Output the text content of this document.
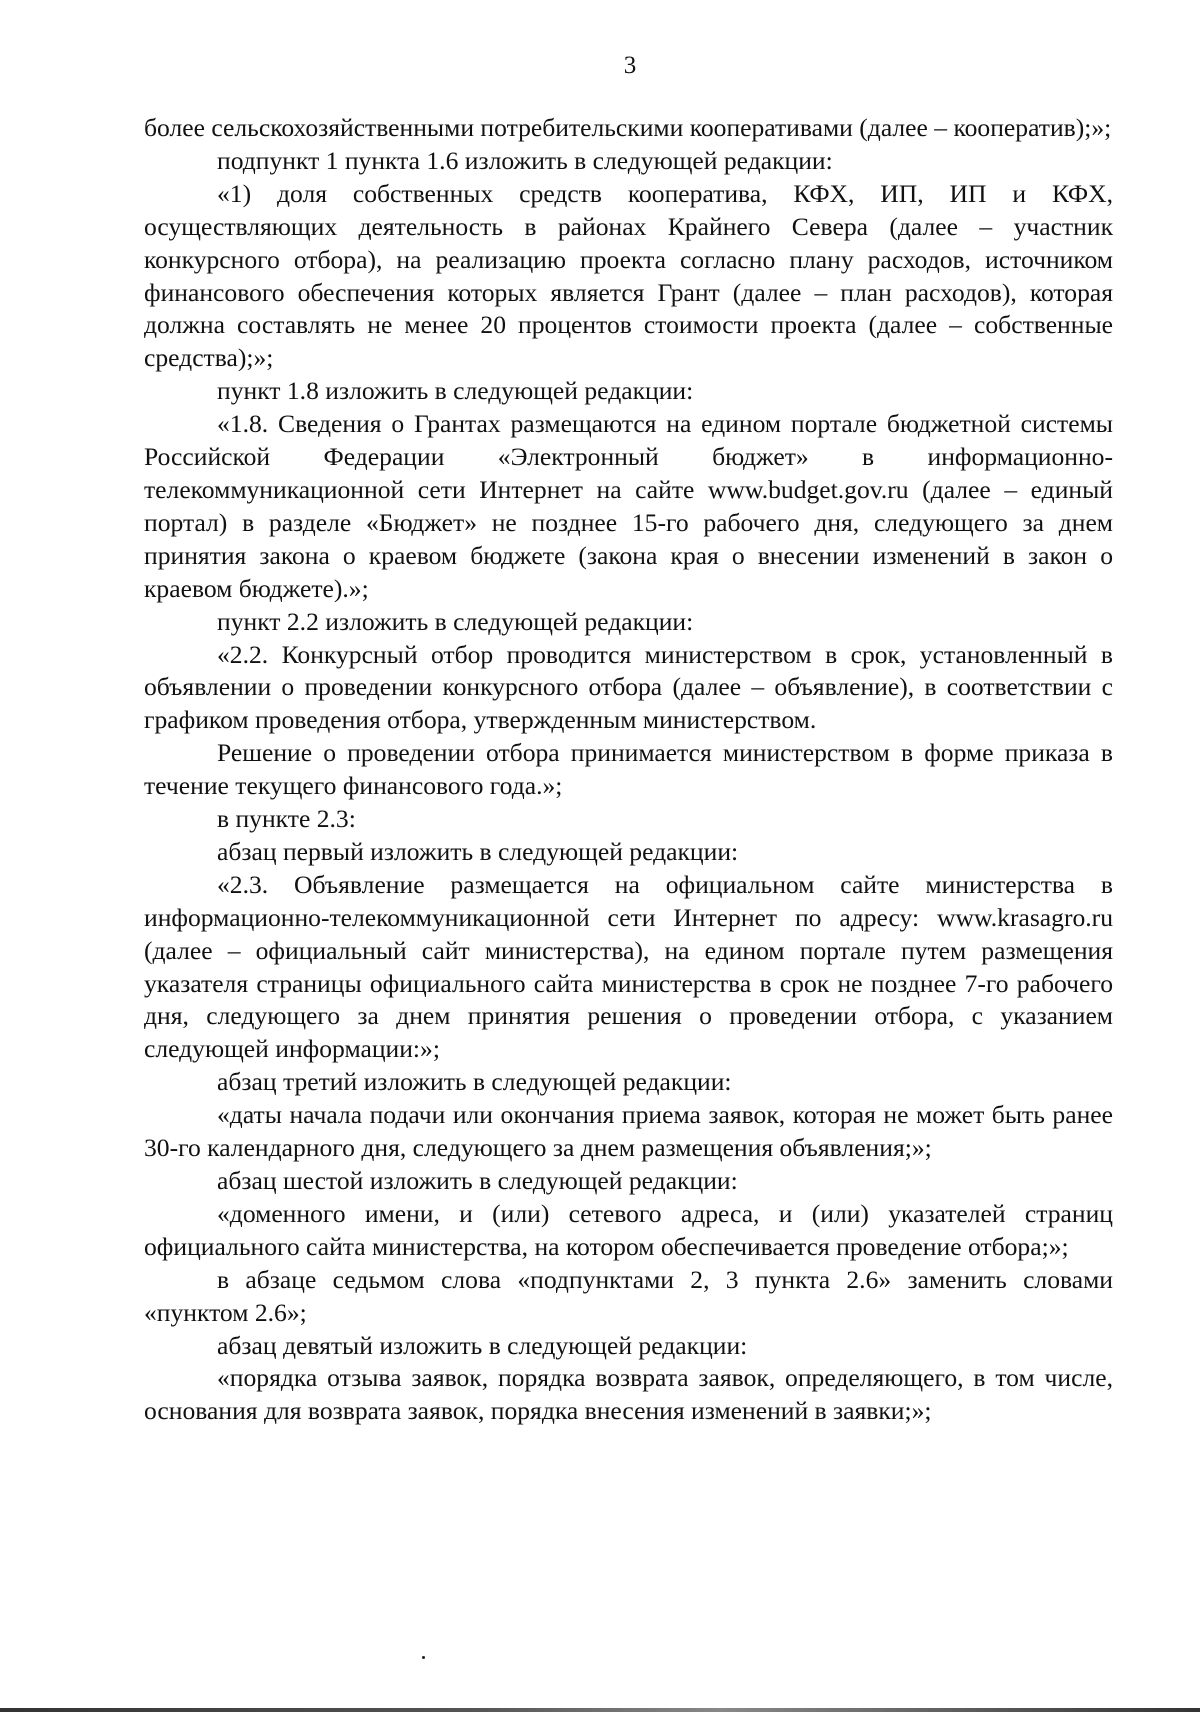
3

более сельскохозяйственными потребительскими кооперативами (далее – кооператив);»;

подпункт 1 пункта 1.6 изложить в следующей редакции:

«1) доля собственных средств кооператива, КФХ, ИП, ИП и КФХ, осуществляющих деятельность в районах Крайнего Севера (далее – участник конкурсного отбора), на реализацию проекта согласно плану расходов, источником финансового обеспечения которых является Грант (далее – план расходов), которая должна составлять не менее 20 процентов стоимости проекта (далее – собственные средства);»;

пункт 1.8 изложить в следующей редакции:

«1.8. Сведения о Грантах размещаются на едином портале бюджетной системы Российской Федерации «Электронный бюджет» в информационно-телекоммуникационной сети Интернет на сайте www.budget.gov.ru (далее – единый портал) в разделе «Бюджет» не позднее 15-го рабочего дня, следующего за днем принятия закона о краевом бюджете (закона края о внесении изменений в закон о краевом бюджете).»;

пункт 2.2 изложить в следующей редакции:

«2.2. Конкурсный отбор проводится министерством в срок, установленный в объявлении о проведении конкурсного отбора (далее – объявление), в соответствии с графиком проведения отбора, утвержденным министерством.

Решение о проведении отбора принимается министерством в форме приказа в течение текущего финансового года.»;

в пункте 2.3:

абзац первый изложить в следующей редакции:

«2.3. Объявление размещается на официальном сайте министерства в информационно-телекоммуникационной сети Интернет по адресу: www.krasagro.ru (далее – официальный сайт министерства), на едином портале путем размещения указателя страницы официального сайта министерства в срок не позднее 7-го рабочего дня, следующего за днем принятия решения о проведении отбора, с указанием следующей информации:»;

абзац третий изложить в следующей редакции:

«даты начала подачи или окончания приема заявок, которая не может быть ранее 30-го календарного дня, следующего за днем размещения объявления;»;

абзац шестой изложить в следующей редакции:

«доменного имени, и (или) сетевого адреса, и (или) указателей страниц официального сайта министерства, на котором обеспечивается проведение отбора;»;

в абзаце седьмом слова «подпунктами 2, 3 пункта 2.6» заменить словами «пунктом 2.6»;

абзац девятый изложить в следующей редакции:

«порядка отзыва заявок, порядка возврата заявок, определяющего, в том числе, основания для возврата заявок, порядка внесения изменений в заявки;»;
